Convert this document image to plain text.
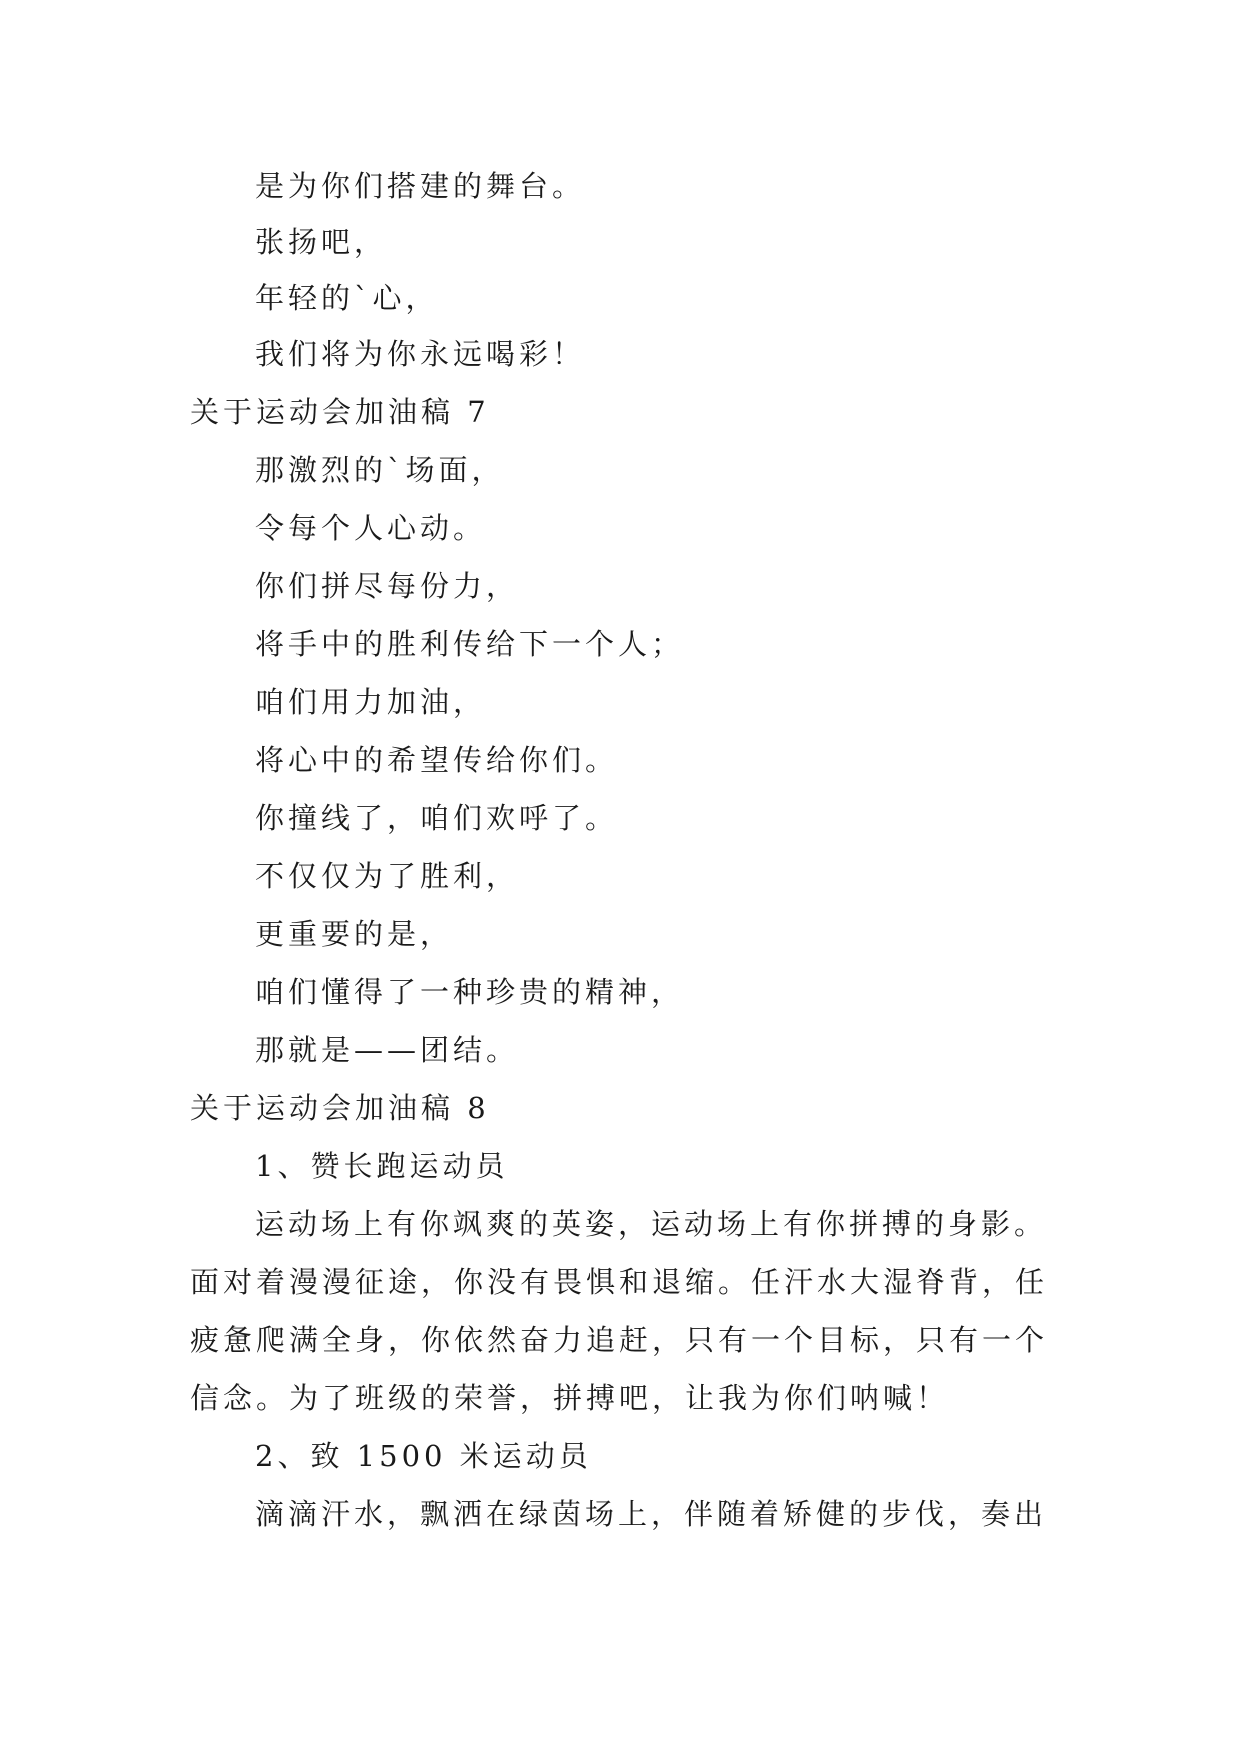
是为你们搭建的舞台。
张扬吧，
年轻的`心，
我们将为你永远喝彩！
关于运动会加油稿 7
那激烈的`场面，
令每个人心动。
你们拼尽每份力，
将手中的胜利传给下一个人；
咱们用力加油，
将心中的希望传给你们。
你撞线了，咱们欢呼了。
不仅仅为了胜利，
更重要的是，
咱们懂得了一种珍贵的精神，
那就是——团结。
关于运动会加油稿 8
1、赞长跑运动员
运动场上有你飒爽的英姿，运动场上有你拼搏的身影。
面对着漫漫征途，你没有畏惧和退缩。任汗水大湿脊背，任
疲惫爬满全身，你依然奋力追赶，只有一个目标，只有一个
信念。为了班级的荣誉，拼搏吧，让我为你们呐喊！
2、致 1500 米运动员
滴滴汗水，飘洒在绿茵场上，伴随着矫健的步伐，奏出
